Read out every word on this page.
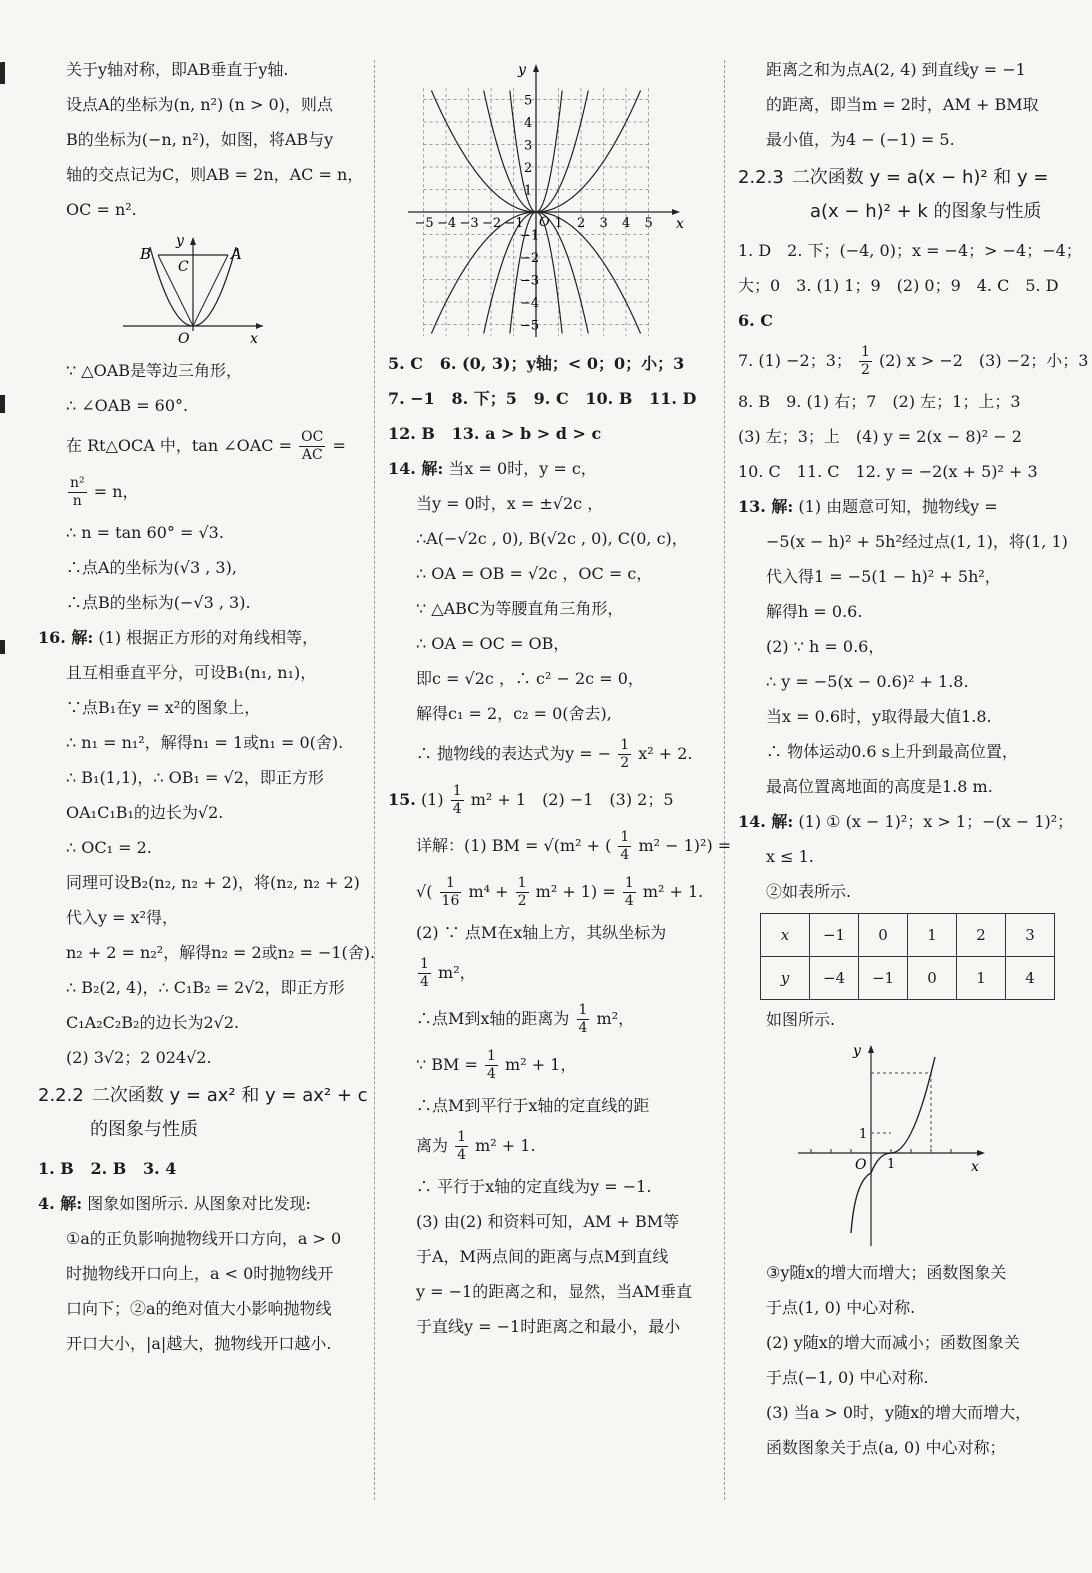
力
东
关于y轴对称，即AB垂直于y轴.
设点A的坐标为(n, n²) (n > 0)，则点
B的坐标为(−n, n²)，如图，将AB与y
轴的交点记为C，则AB = 2n，AC = n，
OC = n².
B
C
A
y
x
O
∵ △OAB是等边三角形，
∴ ∠OAB = 60°.
在 Rt△OCA 中，tan ∠OAC = $\frac{OC}{AC}$ =
$\frac{\text{n²}}{n} = n$，
∴ n = tan 60° = √3.
∴点A的坐标为(√3 , 3),
∴点B的坐标为(−√3 , 3).
16. 解: (1) 根据正方形的对角线相等，
且互相垂直平分，可设B₁(n₁, n₁)，
∵点B₁在y = x²的图象上，
∴ n₁ = n₁²，解得n₁ = 1或n₁ = 0(舍).
∴ B₁(1,1)，∴ OB₁ = √2，即正方形
OA₁C₁B₁的边长为√2.
∴ OC₁ = 2.
同理可设B₂(n₂, n₂ + 2)，将(n₂, n₂ + 2)
代入y = x²得，
n₂ + 2 = n₂²，解得n₂ = 2或n₂ = −1(舍).
∴ B₂(2, 4)，∴ C₁B₂ = 2√2，即正方形
C₁A₂C₂B₂的边长为2√2.
(2) 3√2；2 024√2.
2.2.2 二次函数 y = ax² 和 y = ax² + c
的图象与性质
1. B 2. B 3. 4
4. 解: 图象如图所示. 从图象对比发现:
①a的正负影响抛物线开口方向，a > 0
时抛物线开口向上，a < 0时抛物线开
口向下；②a的绝对值大小影响抛物线
开口大小，|a|越大，抛物线开口越小.
−5 −4 −3 −2 −1 1 2 3 4 5
5
4
3
2
1
−1
−2
−3
−4
−5
x
y
O
5. C 6. (0, 3)；y轴；< 0；0；小；3
7. −1 8. 下；5 9. C 10. B 11. D
12. B 13. a > b > d > c
14. 解: 当x = 0时，y = c，
当y = 0时，x = ±√2c ，
∴A(−√2c , 0), B(√2c , 0), C(0, c)，
∴ OA = OB = √2c ，OC = c，
∵ △ABC为等腰直角三角形，
∴ OA = OC = OB，
即c = √2c ，∴ c² − 2c = 0，
解得c₁ = 2，c₂ = 0(舍去),
∴ 抛物线的表达式为y = − $\frac{1}{2} x^2 + 2$.
15. $(1) \frac{1}{4} m^2 + 1$　(2) −1　(3) 2；5
详解：(1) BM = √(m² + ( $\frac{1}{4} m^2 - 1)^2$) =
√( $\frac{1}{16} m^4 + \frac{1}{2} m^2 + 1) = \frac{1}{4} m^2 + 1$.
(2) ∵ 点M在x轴上方，其纵坐标为
$\frac{1}{4} m^2$，
∴点M到x轴的距离为 $\frac{1}{4} m^2$，
∵ BM = $\frac{1}{4} m^2 + 1$，
∴点M到平行于x轴的定直线的距
离为 $\frac{1}{4} m^2 + 1$.
∴ 平行于x轴的定直线为y = −1.
(3) 由(2) 和资料可知，AM + BM等
于A，M两点间的距离与点M到直线
y = −1的距离之和，显然，当AM垂直
于直线y = −1时距离之和最小，最小
距离之和为点A(2, 4) 到直线y = −1
的距离，即当m = 2时，AM + BM取
最小值，为4 − (−1) = 5.
2.2.3 二次函数 y = a(x − h)² 和 y =
a(x − h)² + k 的图象与性质
1. D　2. 下；(−4, 0)；x = −4；> −4；−4；
大；0　3. (1) 1；9　(2) 0；9　4. C　5. D
6. C
7. (1) −2；3； $\frac{1}{2} (2) x > -2$　(3) −2；小；3
8. B　9. (1) 右；7　(2) 左；1；上；3
(3) 左；3；上　(4) y = 2(x − 8)² − 2
10. C　11. C　12. y = −2(x + 5)² + 3
13. 解: (1) 由题意可知，抛物线y =
−5(x − h)² + 5h²经过点(1, 1)，将(1, 1)
代入得1 = −5(1 − h)² + 5h²，
解得h = 0.6.
(2) ∵ h = 0.6，
∴ y = −5(x − 0.6)² + 1.8.
当x = 0.6时，y取得最大值1.8.
∴ 物体运动0.6 s上升到最高位置，
最高位置离地面的高度是1.8 m.
14. 解: (1) ① (x − 1)²；x > 1；−(x − 1)²；
x ≤ 1.
②如表所示.
x	−1	0	1	2	3
y	−4	−1	0	1	4
如图所示.
y
x
O
1
1
③y随x的增大而增大；函数图象关
于点(1, 0) 中心对称.
(2) y随x的增大而减小；函数图象关
于点(−1, 0) 中心对称.
(3) 当a > 0时，y随x的增大而增大，
函数图象关于点(a, 0) 中心对称；
